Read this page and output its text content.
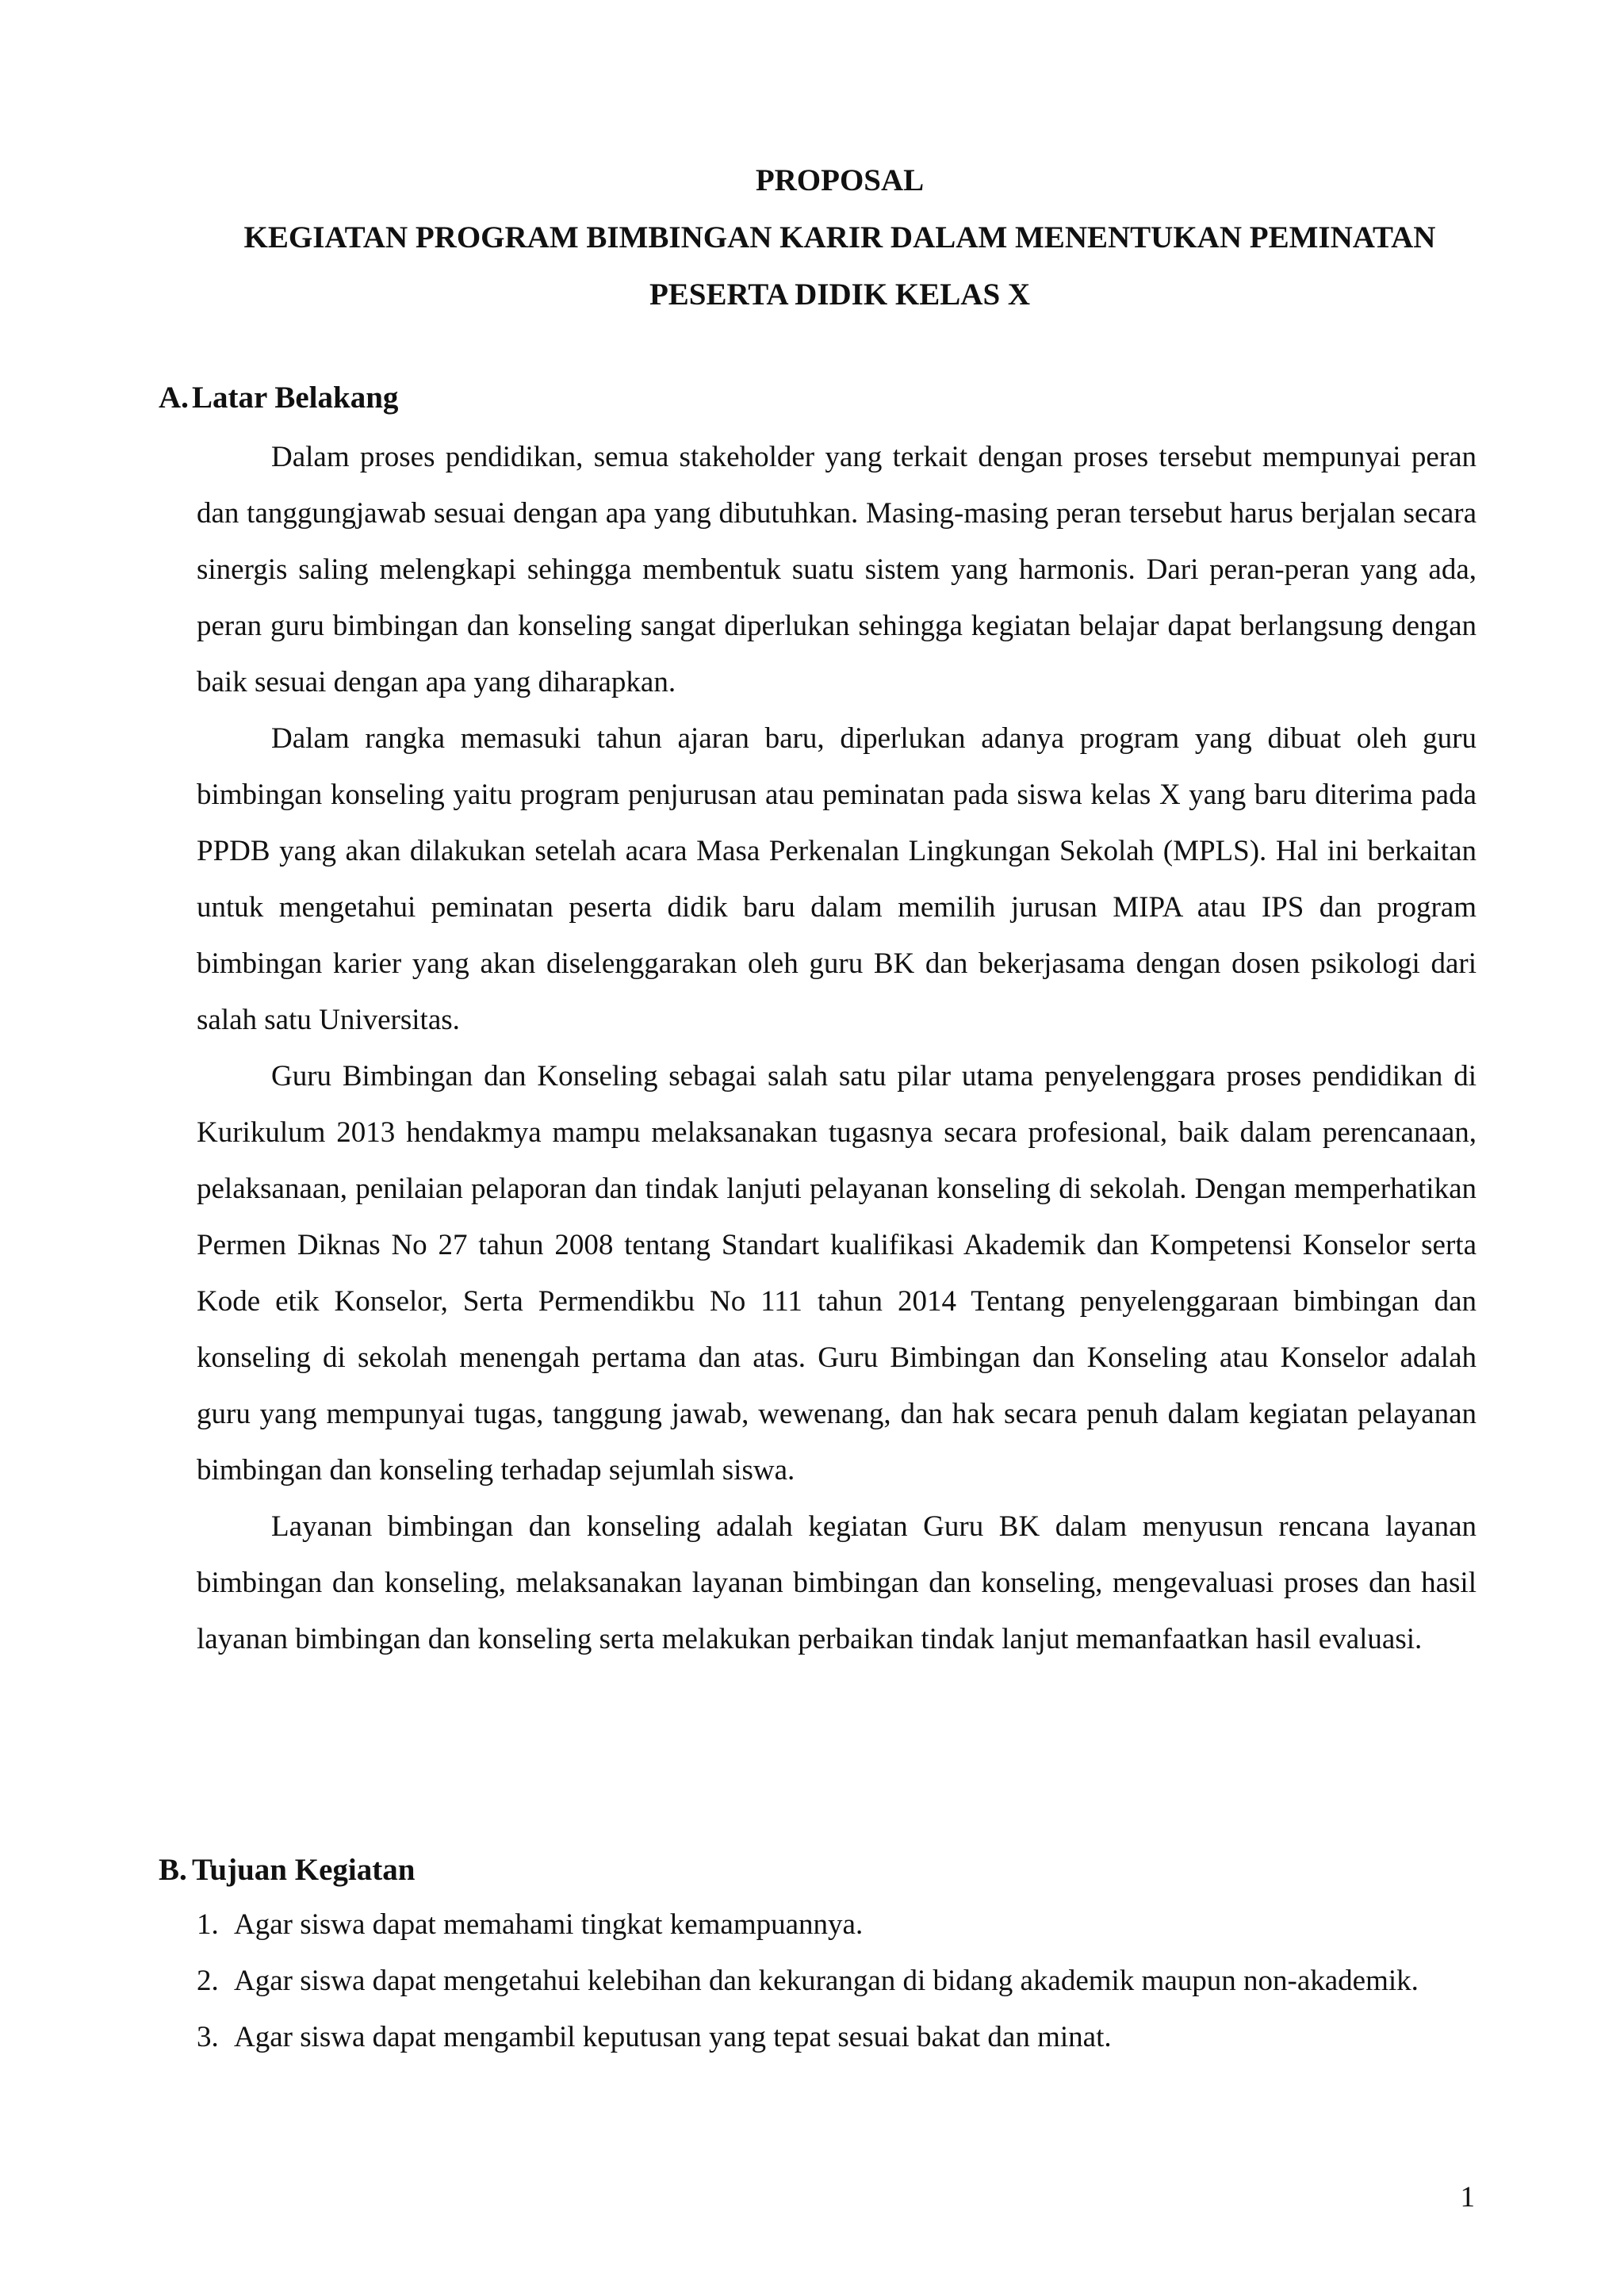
PROPOSAL
KEGIATAN PROGRAM BIMBINGAN KARIR DALAM MENENTUKAN PEMINATAN
PESERTA DIDIK KELAS X
A. Latar Belakang

Dalam proses pendidikan, semua stakeholder yang terkait dengan proses tersebut mempunyai peran dan tanggungjawab sesuai dengan apa yang dibutuhkan. Masing-masing peran tersebut harus berjalan secara sinergis saling melengkapi sehingga membentuk suatu sistem yang harmonis. Dari peran-peran yang ada, peran guru bimbingan dan konseling sangat diperlukan sehingga kegiatan belajar dapat berlangsung dengan baik sesuai dengan apa yang diharapkan.

Dalam rangka memasuki tahun ajaran baru, diperlukan adanya program yang dibuat oleh guru bimbingan konseling yaitu program penjurusan atau peminatan pada siswa kelas X yang baru diterima pada PPDB yang akan dilakukan setelah acara Masa Perkenalan Lingkungan Sekolah (MPLS). Hal ini berkaitan untuk mengetahui peminatan peserta didik baru dalam memilih jurusan MIPA atau IPS dan program bimbingan karier yang akan diselenggarakan oleh guru BK dan bekerjasama dengan dosen psikologi dari salah satu Universitas.

Guru Bimbingan dan Konseling sebagai salah satu pilar utama penyelenggara proses pendidikan di Kurikulum 2013 hendakmya mampu melaksanakan tugasnya secara profesional, baik dalam perencanaan, pelaksanaan, penilaian pelaporan dan tindak lanjuti pelayanan konseling di sekolah. Dengan memperhatikan Permen Diknas No 27 tahun 2008 tentang Standart kualifikasi Akademik dan Kompetensi Konselor serta Kode etik Konselor, Serta Permendikbu No 111 tahun 2014 Tentang penyelenggaraan bimbingan dan konseling di sekolah menengah pertama dan atas. Guru Bimbingan dan Konseling atau Konselor adalah guru yang mempunyai tugas, tanggung jawab, wewenang, dan hak secara penuh dalam kegiatan pelayanan bimbingan dan konseling terhadap sejumlah siswa.

Layanan bimbingan dan konseling adalah kegiatan Guru BK dalam menyusun rencana layanan bimbingan dan konseling, melaksanakan layanan bimbingan dan konseling, mengevaluasi proses dan hasil layanan bimbingan dan konseling serta melakukan perbaikan tindak lanjut memanfaatkan hasil evaluasi.

B. Tujuan Kegiatan
1. Agar siswa dapat memahami tingkat kemampuannya.
2. Agar siswa dapat mengetahui kelebihan dan kekurangan di bidang akademik maupun non-akademik.
3. Agar siswa dapat mengambil keputusan yang tepat sesuai bakat dan minat.
1
